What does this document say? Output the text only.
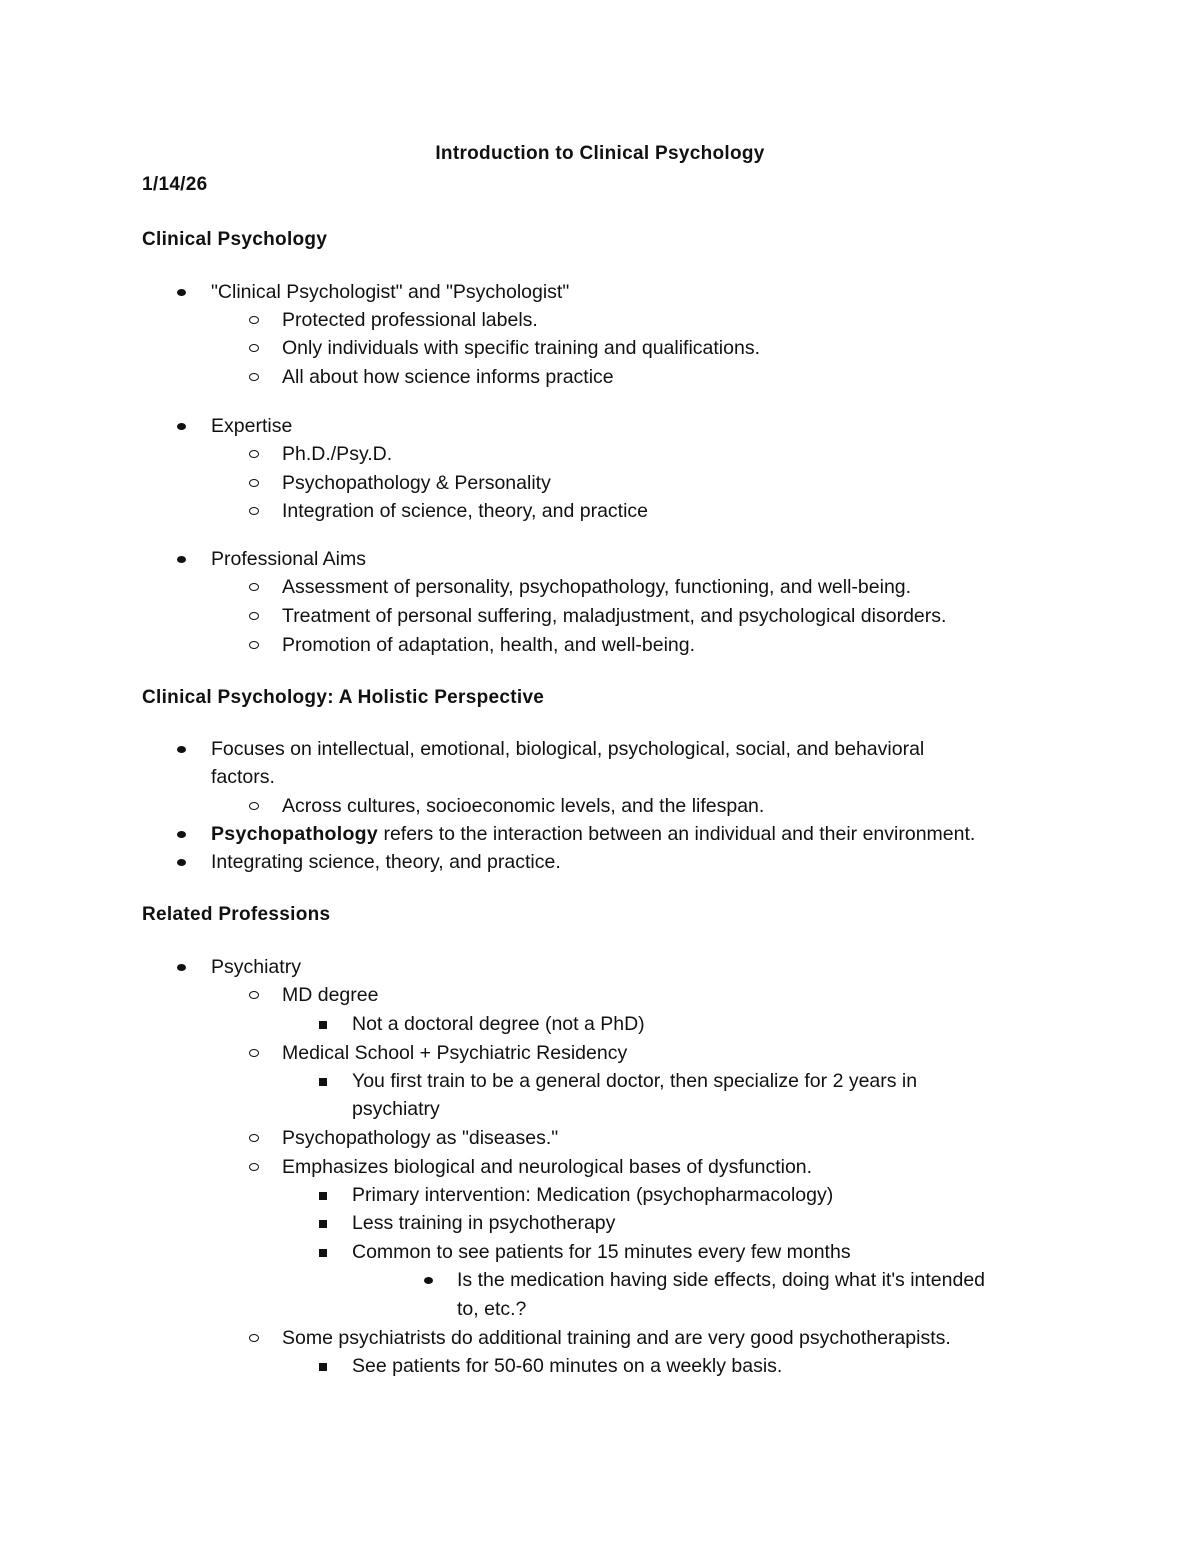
Introduction to Clinical Psychology
1/14/26
Clinical Psychology
"Clinical Psychologist" and "Psychologist"
Protected professional labels.
Only individuals with specific training and qualifications.
All about how science informs practice
Expertise
Ph.D./Psy.D.
Psychopathology & Personality
Integration of science, theory, and practice
Professional Aims
Assessment of personality, psychopathology, functioning, and well-being.
Treatment of personal suffering, maladjustment, and psychological disorders.
Promotion of adaptation, health, and well-being.
Clinical Psychology: A Holistic Perspective
Focuses on intellectual, emotional, biological, psychological, social, and behavioral
factors.
Across cultures, socioeconomic levels, and the lifespan.
Psychopathology refers to the interaction between an individual and their environment.
Integrating science, theory, and practice.
Related Professions
Psychiatry
MD degree
Not a doctoral degree (not a PhD)
Medical School + Psychiatric Residency
You first train to be a general doctor, then specialize for 2 years in
psychiatry
Psychopathology as "diseases."
Emphasizes biological and neurological bases of dysfunction.
Primary intervention: Medication (psychopharmacology)
Less training in psychotherapy
Common to see patients for 15 minutes every few months
Is the medication having side effects, doing what it's intended
to, etc.?
Some psychiatrists do additional training and are very good psychotherapists.
See patients for 50-60 minutes on a weekly basis.
